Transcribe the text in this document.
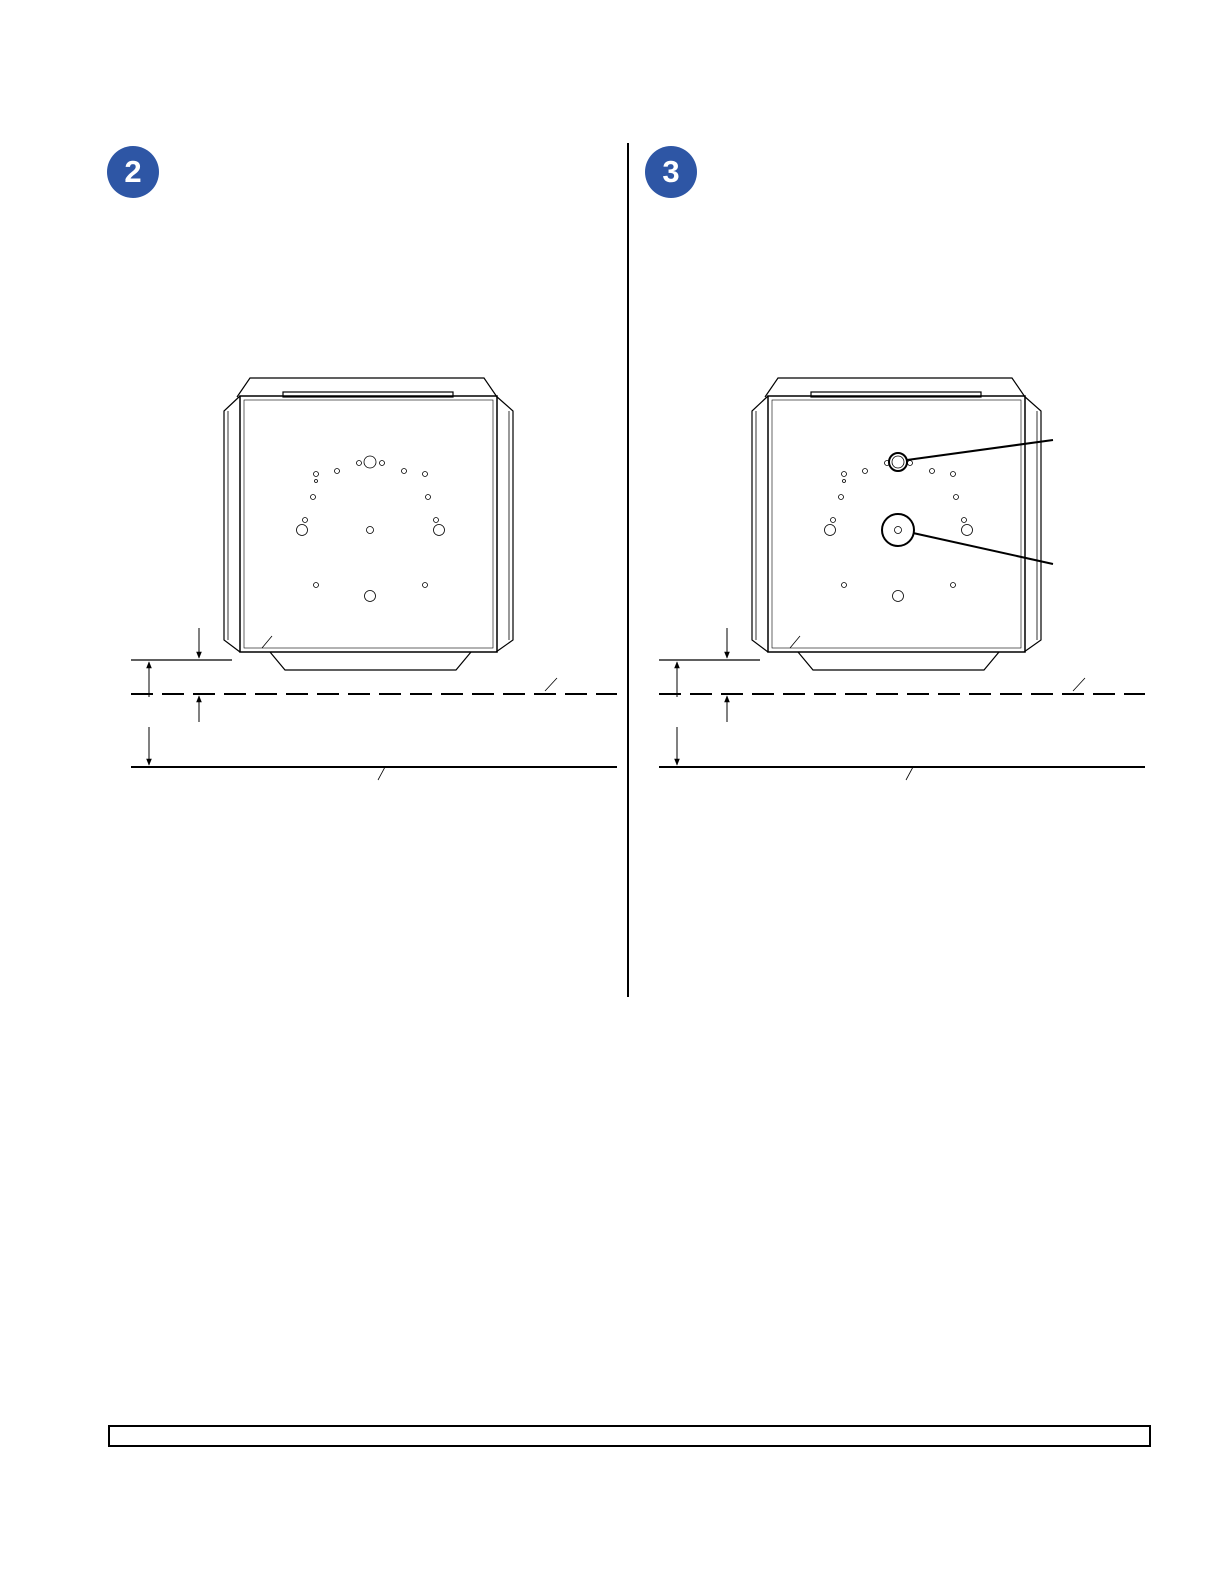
2	3
